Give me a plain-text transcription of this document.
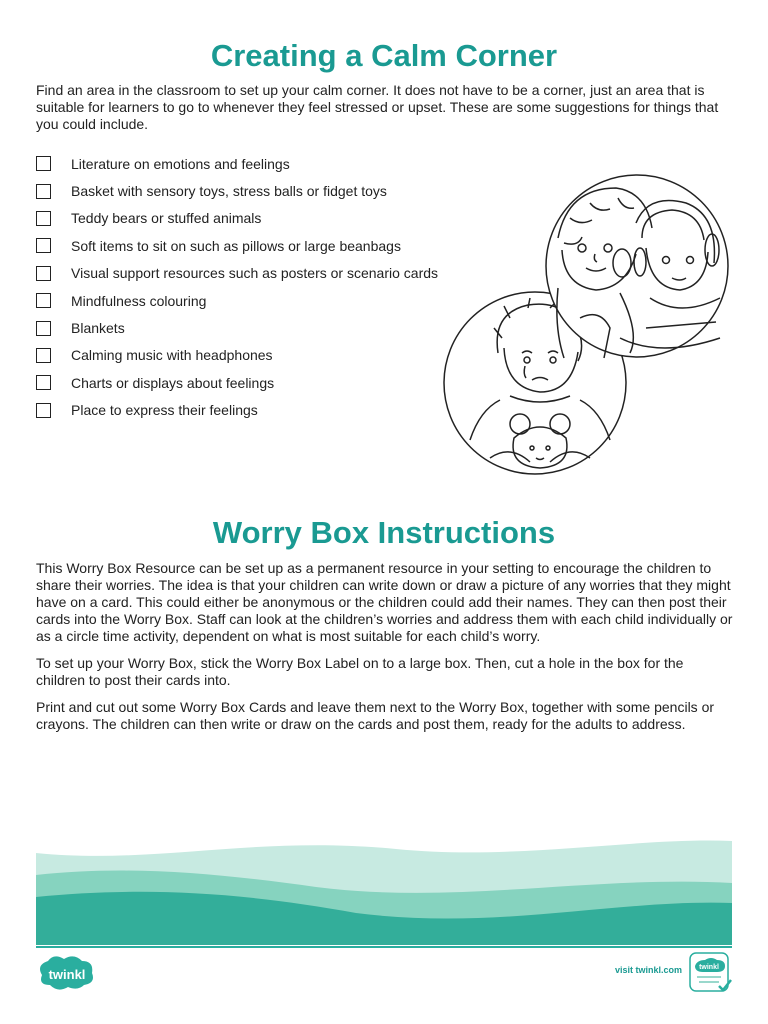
Creating a Calm Corner

Find an area in the classroom to set up your calm corner. It does not have to be a corner, just an area that is suitable for learners to go to whenever they feel stressed or upset. These are some suggestions for things that you could include.

Literature on emotions and feelings
Basket with sensory toys, stress balls or fidget toys
Teddy bears or stuffed animals
Soft items to sit on such as pillows or large beanbags
Visual support resources such as posters or scenario cards
Mindfulness colouring
Blankets
Calming music with headphones
Charts or displays about feelings
Place to express their feelings
Worry Box Instructions

This Worry Box Resource can be set up as a permanent resource in your setting to encourage the children to share their worries. The idea is that your children can write down or draw a picture of any worries that they might have on a card. This could either be anonymous or the children could add their names. They can then post their cards into the Worry Box. Staff can look at the children’s worries and address them with each child individually or as a circle time activity, dependent on what is most suitable for each child’s worry.

To set up your Worry Box, stick the Worry Box Label on to a large box. Then, cut a hole in the box for the children to post their cards into.

Print and cut out some Worry Box Cards and leave them next to the Worry Box, together with some pencils or crayons. The children can then write or draw on the cards and post them, ready for the adults to address.

twinkl	visit twinkl.com twinkl
